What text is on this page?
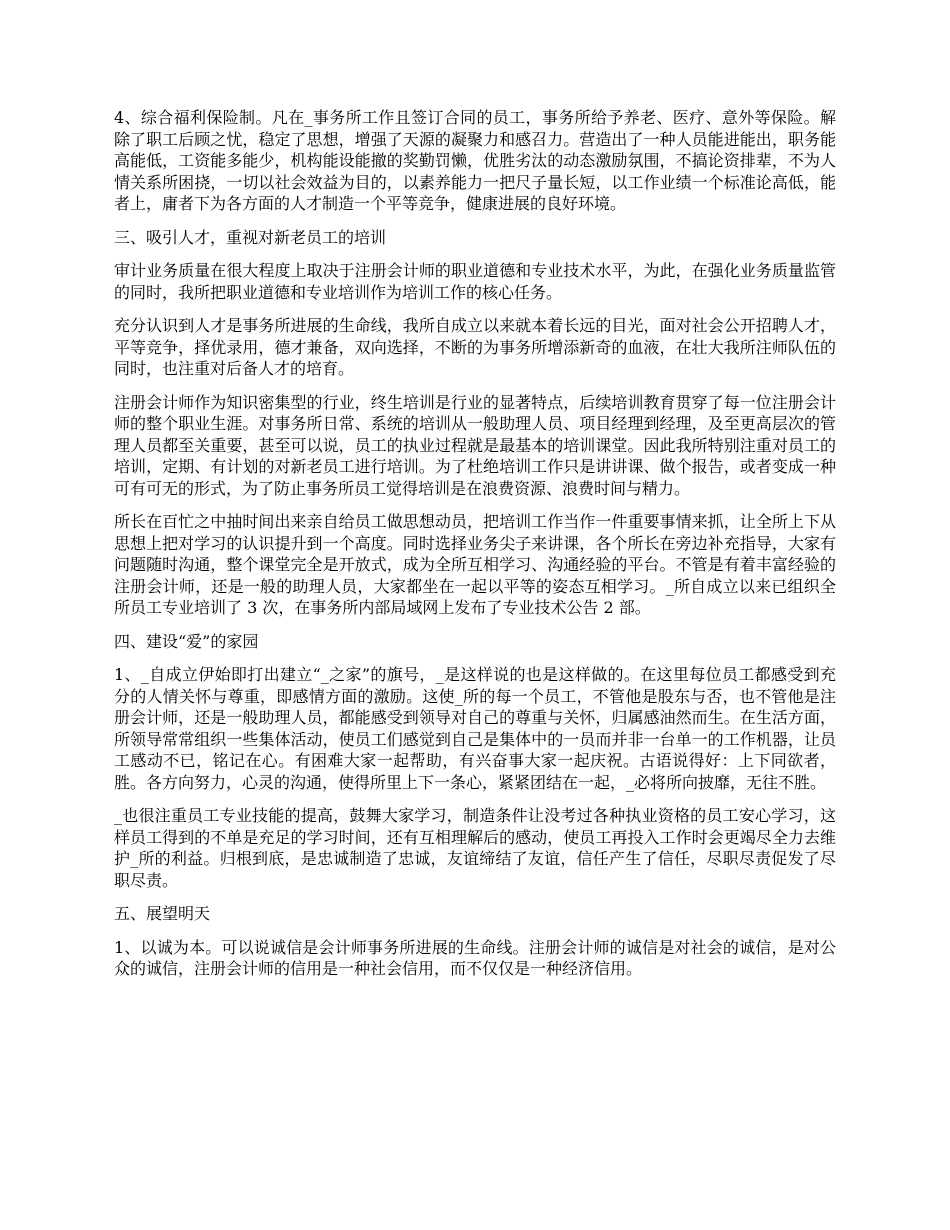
4、综合福利保险制。凡在_事务所工作且签订合同的员工，事务所给予养老、医疗、意外等保险。解除了职工后顾之忧，稳定了思想，增强了天源的凝聚力和感召力。营造出了一种人员能进能出，职务能高能低，工资能多能少，机构能设能撤的奖勤罚懒，优胜劣汰的动态激励氛围，不搞论资排辈，不为人情关系所困挠，一切以社会效益为目的，以素养能力一把尺子量长短，以工作业绩一个标准论高低，能者上，庸者下为各方面的人才制造一个平等竞争，健康进展的良好环境。

三、吸引人才，重视对新老员工的培训

审计业务质量在很大程度上取决于注册会计师的职业道德和专业技术水平，为此，在强化业务质量监管的同时，我所把职业道德和专业培训作为培训工作的核心任务。

充分认识到人才是事务所进展的生命线，我所自成立以来就本着长远的目光，面对社会公开招聘人才，平等竞争，择优录用，德才兼备，双向选择，不断的为事务所增添新奇的血液，在壮大我所注师队伍的同时，也注重对后备人才的培育。

注册会计师作为知识密集型的行业，终生培训是行业的显著特点，后续培训教育贯穿了每一位注册会计师的整个职业生涯。对事务所日常、系统的培训从一般助理人员、项目经理到经理，及至更高层次的管理人员都至关重要，甚至可以说，员工的执业过程就是最基本的培训课堂。因此我所特别注重对员工的培训，定期、有计划的对新老员工进行培训。为了杜绝培训工作只是讲讲课、做个报告，或者变成一种可有可无的形式，为了防止事务所员工觉得培训是在浪费资源、浪费时间与精力。

所长在百忙之中抽时间出来亲自给员工做思想动员，把培训工作当作一件重要事情来抓，让全所上下从思想上把对学习的认识提升到一个高度。同时选择业务尖子来讲课，各个所长在旁边补充指导，大家有问题随时沟通，整个课堂完全是开放式，成为全所互相学习、沟通经验的平台。不管是有着丰富经验的注册会计师，还是一般的助理人员，大家都坐在一起以平等的姿态互相学习。_所自成立以来已组织全所员工专业培训了 3 次，在事务所内部局域网上发布了专业技术公告 2 部。

四、建设“爱”的家园

1、_自成立伊始即打出建立“_之家”的旗号，_是这样说的也是这样做的。在这里每位员工都感受到充分的人情关怀与尊重，即感情方面的激励。这使_所的每一个员工，不管他是股东与否，也不管他是注册会计师，还是一般助理人员，都能感受到领导对自己的尊重与关怀，归属感油然而生。在生活方面，所领导常常组织一些集体活动，使员工们感觉到自己是集体中的一员而并非一台单一的工作机器，让员工感动不已，铭记在心。有困难大家一起帮助，有兴奋事大家一起庆祝。古语说得好：上下同欲者，胜。各方向努力，心灵的沟通，使得所里上下一条心，紧紧团结在一起，_必将所向披靡，无往不胜。

_也很注重员工专业技能的提高，鼓舞大家学习，制造条件让没考过各种执业资格的员工安心学习，这样员工得到的不单是充足的学习时间，还有互相理解后的感动，使员工再投入工作时会更竭尽全力去维护_所的利益。归根到底，是忠诚制造了忠诚，友谊缔结了友谊，信任产生了信任，尽职尽责促发了尽职尽责。

五、展望明天

1、以诚为本。可以说诚信是会计师事务所进展的生命线。注册会计师的诚信是对社会的诚信，是对公众的诚信，注册会计师的信用是一种社会信用，而不仅仅是一种经济信用。
